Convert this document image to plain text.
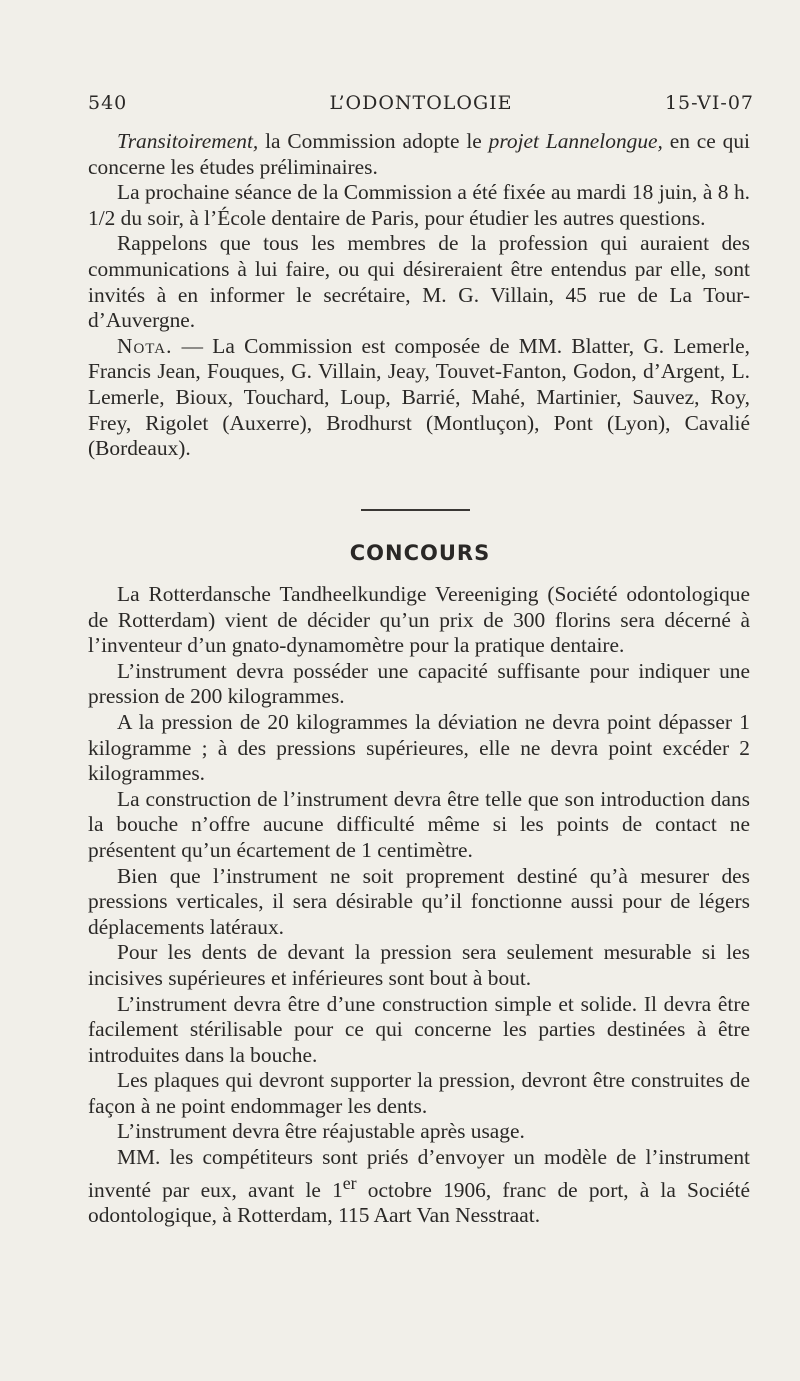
540	L’ODONTOLOGIE	15-VI-07

Transitoirement, la Commission adopte le projet Lannelongue, en ce qui concerne les études préliminaires.

La prochaine séance de la Commission a été fixée au mardi 18 juin, à 8 h. 1/2 du soir, à l’École dentaire de Paris, pour étudier les autres questions.

Rappelons que tous les membres de la profession qui auraient des communications à lui faire, ou qui désireraient être entendus par elle, sont invités à en informer le secrétaire, M. G. Villain, 45 rue de La Tour-d’Auvergne.

Nota. — La Commission est composée de MM. Blatter, G. Lemerle, Francis Jean, Fouques, G. Villain, Jeay, Touvet-Fanton, Godon, d’Argent, L. Lemerle, Bioux, Touchard, Loup, Barrié, Mahé, Martinier, Sauvez, Roy, Frey, Rigolet (Auxerre), Brodhurst (Montluçon), Pont (Lyon), Cavalié (Bordeaux).

CONCOURS

La Rotterdansche Tandheelkundige Vereeniging (Société odontologique de Rotterdam) vient de décider qu’un prix de 300 florins sera décerné à l’inventeur d’un gnato-dynamomètre pour la pratique dentaire.

L’instrument devra posséder une capacité suffisante pour indiquer une pression de 200 kilogrammes.

A la pression de 20 kilogrammes la déviation ne devra point dépasser 1 kilogramme ; à des pressions supérieures, elle ne devra point excéder 2 kilogrammes.

La construction de l’instrument devra être telle que son introduction dans la bouche n’offre aucune difficulté même si les points de contact ne présentent qu’un écartement de 1 centimètre.

Bien que l’instrument ne soit proprement destiné qu’à mesurer des pressions verticales, il sera désirable qu’il fonctionne aussi pour de légers déplacements latéraux.

Pour les dents de devant la pression sera seulement mesurable si les incisives supérieures et inférieures sont bout à bout.

L’instrument devra être d’une construction simple et solide. Il devra être facilement stérilisable pour ce qui concerne les parties destinées à être introduites dans la bouche.

Les plaques qui devront supporter la pression, devront être construites de façon à ne point endommager les dents.

L’instrument devra être réajustable après usage.

MM. les compétiteurs sont priés d’envoyer un modèle de l’instrument inventé par eux, avant le 1er octobre 1906, franc de port, à la Société odontologique, à Rotterdam, 115 Aart Van Nesstraat.
